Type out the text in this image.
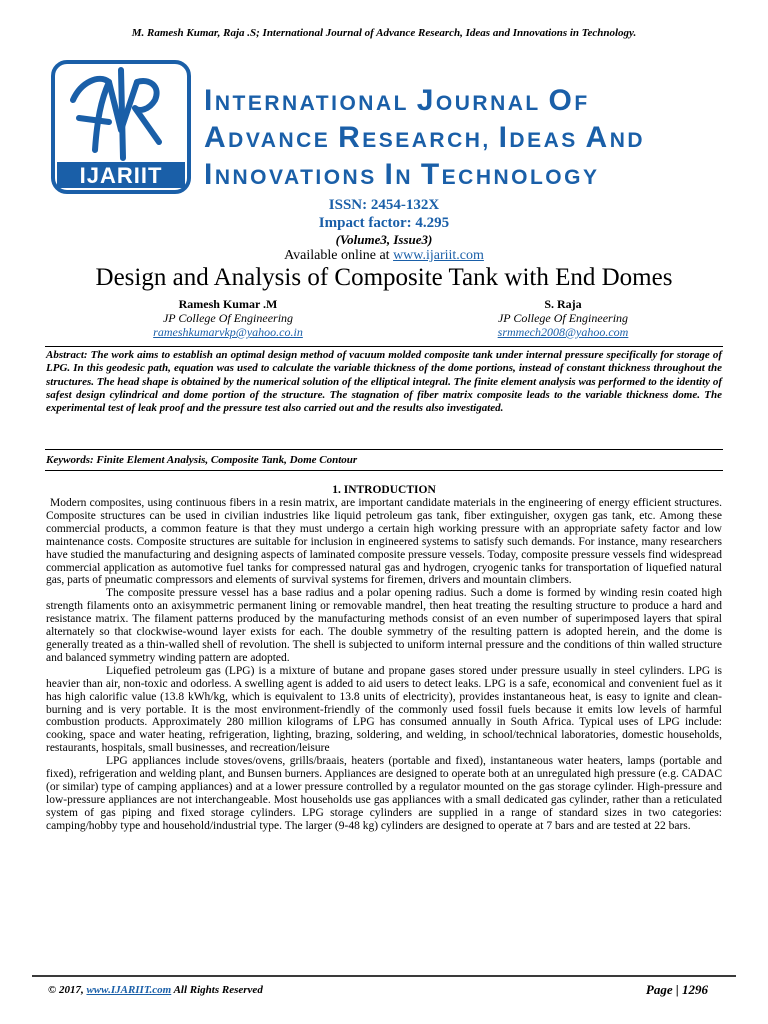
M. Ramesh Kumar, Raja .S; International Journal of Advance Research, Ideas and Innovations in Technology.
IJARIIT
INTERNATIONAL JOURNAL OF
ADVANCE RESEARCH, IDEAS AND
INNOVATIONS IN TECHNOLOGY
ISSN: 2454-132X
Impact factor: 4.295
(Volume3, Issue3)
Available online at www.ijariit.com
Design and Analysis of Composite Tank with End Domes
Ramesh Kumar .M
JP College Of Engineering
rameshkumarvkp@yahoo.co.in
S. Raja
JP College Of Engineering
srmmech2008@yahoo.com
Abstract: The work aims to establish an optimal design method of vacuum molded composite tank under internal pressure specifically for storage of LPG. In this geodesic path, equation was used to calculate the variable thickness of the dome portions, instead of constant thickness throughout the structures. The head shape is obtained by the numerical solution of the elliptical integral. The finite element analysis was performed to the identity of safest design cylindrical and dome portion of the structure. The stagnation of fiber matrix composite leads to the variable thickness dome. The experimental test of leak proof and the pressure test also carried out and the results also investigated.
Keywords: Finite Element Analysis, Composite Tank, Dome Contour
1. INTRODUCTION

Modern composites, using continuous fibers in a resin matrix, are important candidate materials in the engineering of energy efficient structures. Composite structures can be used in civilian industries like liquid petroleum gas tank, fiber extinguisher, oxygen gas tank, etc. Among these commercial products, a common feature is that they must undergo a certain high working pressure with an appropriate safety factor and low maintenance costs. Composite structures are suitable for inclusion in engineered systems to satisfy such demands. For instance, many researchers have studied the manufacturing and designing aspects of laminated composite pressure vessels. Today, composite pressure vessels find widespread commercial application as automotive fuel tanks for compressed natural gas and hydrogen, cryogenic tanks for transportation of liquefied natural gas, parts of pneumatic compressors and elements of survival systems for firemen, drivers and mountain climbers.

The composite pressure vessel has a base radius and a polar opening radius. Such a dome is formed by winding resin coated high strength filaments onto an axisymmetric permanent lining or removable mandrel, then heat treating the resulting structure to produce a hard and resistance matrix. The filament patterns produced by the manufacturing methods consist of an even number of superimposed layers that spiral alternately so that clockwise-wound layer exists for each. The double symmetry of the resulting pattern is adopted herein, and the dome is generally treated as a thin-walled shell of revolution. The shell is subjected to uniform internal pressure and the conditions of thin walled structure and balanced symmetry winding pattern are adopted.

Liquefied petroleum gas (LPG) is a mixture of butane and propane gases stored under pressure usually in steel cylinders. LPG is heavier than air, non-toxic and odorless. A swelling agent is added to aid users to detect leaks. LPG is a safe, economical and convenient fuel as it has high calorific value (13.8 kWh/kg, which is equivalent to 13.8 units of electricity), provides instantaneous heat, is easy to ignite and clean-burning and is very portable. It is the most environment-friendly of the commonly used fossil fuels because it emits low levels of harmful combustion products. Approximately 280 million kilograms of LPG has consumed annually in South Africa. Typical uses of LPG include: cooking, space and water heating, refrigeration, lighting, brazing, soldering, and welding, in school/technical laboratories, domestic households, restaurants, hospitals, small businesses, and recreation/leisure

LPG appliances include stoves/ovens, grills/braais, heaters (portable and fixed), instantaneous water heaters, lamps (portable and fixed), refrigeration and welding plant, and Bunsen burners. Appliances are designed to operate both at an unregulated high pressure (e.g. CADAC (or similar) type of camping appliances) and at a lower pressure controlled by a regulator mounted on the gas storage cylinder. High-pressure and low-pressure appliances are not interchangeable. Most households use gas appliances with a small dedicated gas cylinder, rather than a reticulated system of gas piping and fixed storage cylinders. LPG storage cylinders are supplied in a range of standard sizes in two categories: camping/hobby type and household/industrial type. The larger (9-48 kg) cylinders are designed to operate at 7 bars and are tested at 22 bars.

© 2017, www.IJARIIT.com All Rights Reserved	Page | 1296
